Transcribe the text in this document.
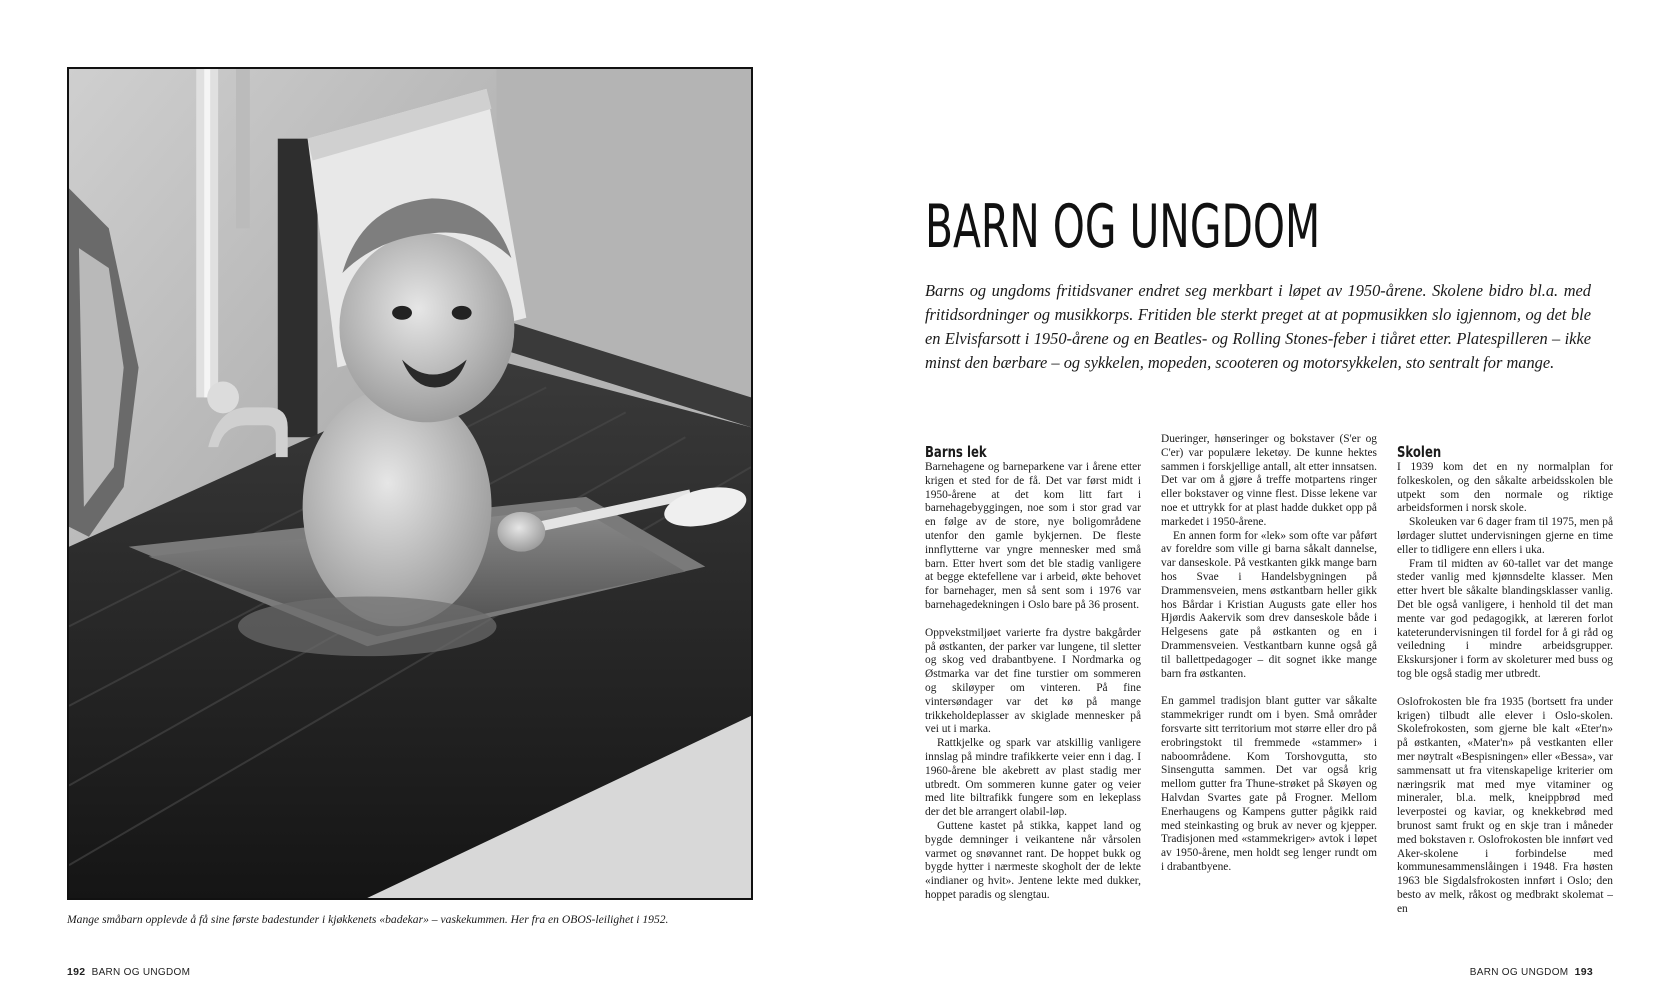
Mange småbarn opplevde å få sine første badestunder i kjøkkenets «badekar» – vaskekummen. Her fra en OBOS-leilighet i 1952.
192 BARN OG UNGDOM
BARN OG UNGDOM

Barns og ungdoms fritidsvaner endret seg merkbart i løpet av 1950-årene. Skolene bidro bl.a. med fritidsordninger og musikkorps. Fritiden ble sterkt preget at at popmusikken slo igjennom, og det ble en Elvisfarsott i 1950-årene og en Beatles- og Rolling Stones-feber i tiåret etter. Platespilleren – ikke minst den bærbare – og sykkelen, mopeden, scooteren og motorsykkelen, sto sentralt for mange.

Barns lek

Barnehagene og barneparkene var i årene etter krigen et sted for de få. Det var først midt i 1950-årene at det kom litt fart i barnehagebyggingen, noe som i stor grad var en følge av de store, nye boligområdene utenfor den gamle bykjernen. De fleste innflytterne var yngre mennesker med små barn. Etter hvert som det ble stadig vanligere at begge ektefellene var i arbeid, økte behovet for barnehager, men så sent som i 1976 var barnehagedekningen i Oslo bare på 36 prosent.

Oppvekstmiljøet varierte fra dystre bakgårder på østkanten, der parker var lungene, til sletter og skog ved drabantbyene. I Nordmarka og Østmarka var det fine turstier om sommeren og skiløyper om vinteren. På fine vintersøndager var det kø på mange trikkeholdeplasser av skiglade mennesker på vei ut i marka.

Rattkjelke og spark var atskillig vanligere innslag på mindre trafikkerte veier enn i dag. I 1960-årene ble akebrett av plast stadig mer utbredt. Om sommeren kunne gater og veier med lite biltrafikk fungere som en lekeplass der det ble arrangert olabil-løp.

Guttene kastet på stikka, kappet land og bygde demninger i veikantene når vårsolen varmet og snøvannet rant. De hoppet bukk og bygde hytter i nærmeste skogholt der de lekte «indianer og hvit». Jentene lekte med dukker, hoppet paradis og slengtau.

Dueringer, hønseringer og bokstaver (S'er og C'er) var populære leketøy. De kunne hektes sammen i forskjellige antall, alt etter innsatsen. Det var om å gjøre å treffe motpartens ringer eller bokstaver og vinne flest. Disse lekene var noe et uttrykk for at plast hadde dukket opp på markedet i 1950-årene.

En annen form for «lek» som ofte var påført av foreldre som ville gi barna såkalt dannelse, var danseskole. På vestkanten gikk mange barn hos Svae i Handelsbygningen på Drammensveien, mens østkantbarn heller gikk hos Bårdar i Kristian Augusts gate eller hos Hjørdis Aakervik som drev danseskole både i Helgesens gate på østkanten og en i Drammensveien. Vestkantbarn kunne også gå til ballettpedagoger – dit sognet ikke mange barn fra østkanten.

En gammel tradisjon blant gutter var såkalte stammekriger rundt om i byen. Små områder forsvarte sitt territorium mot større eller dro på erobringstokt til fremmede «stammer» i naboområdene. Kom Torshovgutta, sto Sinsengutta sammen. Det var også krig mellom gutter fra Thune-strøket på Skøyen og Halvdan Svartes gate på Frogner. Mellom Enerhaugens og Kampens gutter pågikk raid med steinkasting og bruk av never og kjepper. Tradisjonen med «stammekriger» avtok i løpet av 1950-årene, men holdt seg lenger rundt om i drabantbyene.

Skolen

I 1939 kom det en ny normalplan for folkeskolen, og den såkalte arbeidsskolen ble utpekt som den normale og riktige arbeidsformen i norsk skole.

Skoleuken var 6 dager fram til 1975, men på lørdager sluttet undervisningen gjerne en time eller to tidligere enn ellers i uka.

Fram til midten av 60-tallet var det mange steder vanlig med kjønnsdelte klasser. Men etter hvert ble såkalte blandingsklasser vanlig. Det ble også vanligere, i henhold til det man mente var god pedagogikk, at læreren forlot kateterundervisningen til fordel for å gi råd og veiledning i mindre arbeidsgrupper. Ekskursjoner i form av skoleturer med buss og tog ble også stadig mer utbredt.

Oslofrokosten ble fra 1935 (bortsett fra under krigen) tilbudt alle elever i Oslo-skolen. Skolefrokosten, som gjerne ble kalt «Eter'n» på østkanten, «Mater'n» på vestkanten eller mer nøytralt «Bespisningen» eller «Bessa», var sammensatt ut fra vitenskapelige kriterier om næringsrik mat med mye vitaminer og mineraler, bl.a. melk, kneippbrød med leverpostei og kaviar, og knekkebrød med brunost samt frukt og en skje tran i måneder med bokstaven r. Oslofrokosten ble innført ved Aker-skolene i forbindelse med kommunesammenslåingen i 1948. Fra høsten 1963 ble Sigdalsfrokosten innført i Oslo; den besto av melk, råkost og medbrakt skolemat – en

BARN OG UNGDOM 193
